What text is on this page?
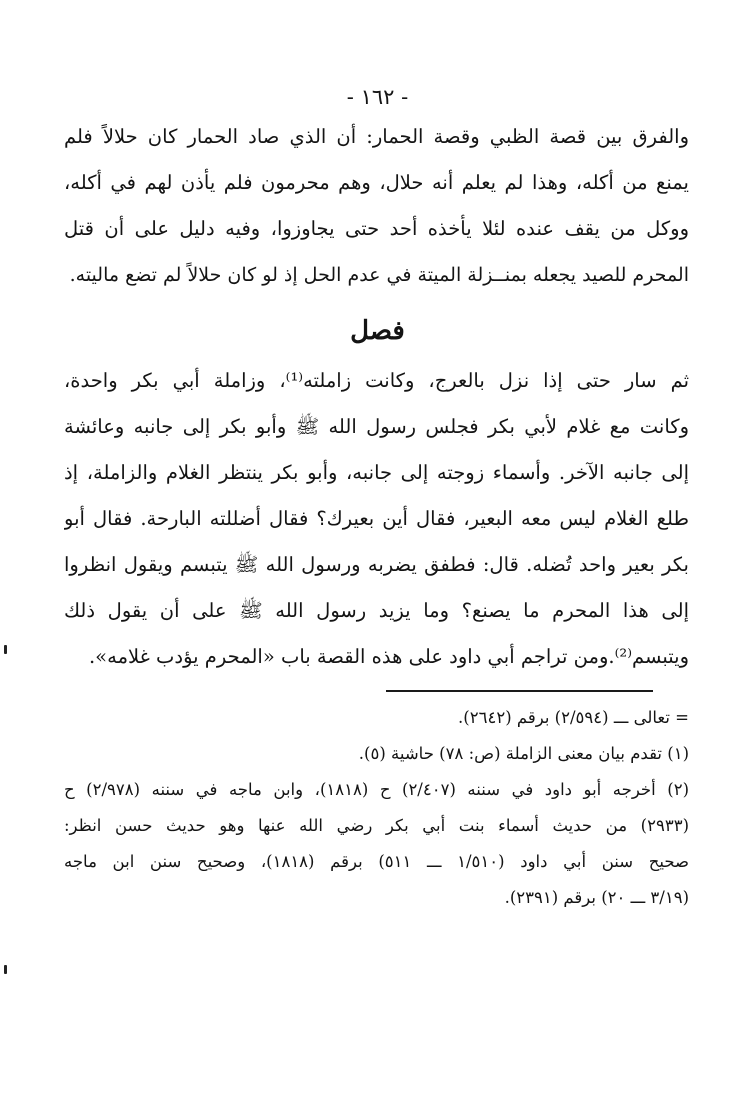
- ١٦٢ -
والفرق بين قصة الظبي وقصة الحمار: أن الذي صاد الحمار كان حلالاً فلم
يمنع من أكله، وهذا لم يعلم أنه حلال، وهم محرمون فلم يأذن لهم في أكله،
ووكل من يقف عنده لئلا يأخذه أحد حتى يجاوزوا، وفيه دليل على أن قتل
المحرم للصيد يجعله بمنــزلة الميتة في عدم الحل إذ لو كان حلالاً لم تضع ماليته.
فصل
ثم سار حتى إذا نزل بالعرج، وكانت زاملته⁽¹⁾، وزاملة أبي بكر واحدة،
وكانت مع غلام لأبي بكر فجلس رسول الله ﷺ وأبو بكر إلى جانبه وعائشة
إلى جانبه الآخر. وأسماء زوجته إلى جانبه، وأبو بكر ينتظر الغلام والزاملة، إذ
طلع الغلام ليس معه البعير، فقال أين بعيرك؟ فقال أضللته البارحة. فقال أبو
بكر بعير واحد تُضله. قال: فطفق يضربه ورسول الله ﷺ يتبسم ويقول انظروا
إلى هذا المحرم ما يصنع؟ وما يزيد رسول الله ﷺ على أن يقول ذلك
ويتبسم⁽²⁾.ومن تراجم أبي داود على هذه القصة باب «المحرم يؤدب غلامه».
= تعالى ـــ (٢/٥٩٤) برقم (٢٦٤٢).
(١) تقدم بيان معنى الزاملة (ص: ٧٨) حاشية (٥).
(٢) أخرجه أبو داود في سننه (٢/٤٠٧) ح (١٨١٨)، وابن ماجه في سننه (٢/٩٧٨) ح
(٢٩٣٣) من حديث أسماء بنت أبي بكر رضي الله عنها وهو حديث حسن انظر:
صحيح سنن أبي داود (١/٥١٠ ـــ ٥١١) برقم (١٨١٨)، وصحيح سنن ابن ماجه
(٣/١٩ ـــ ٢٠) برقم (٢٣٩١).
